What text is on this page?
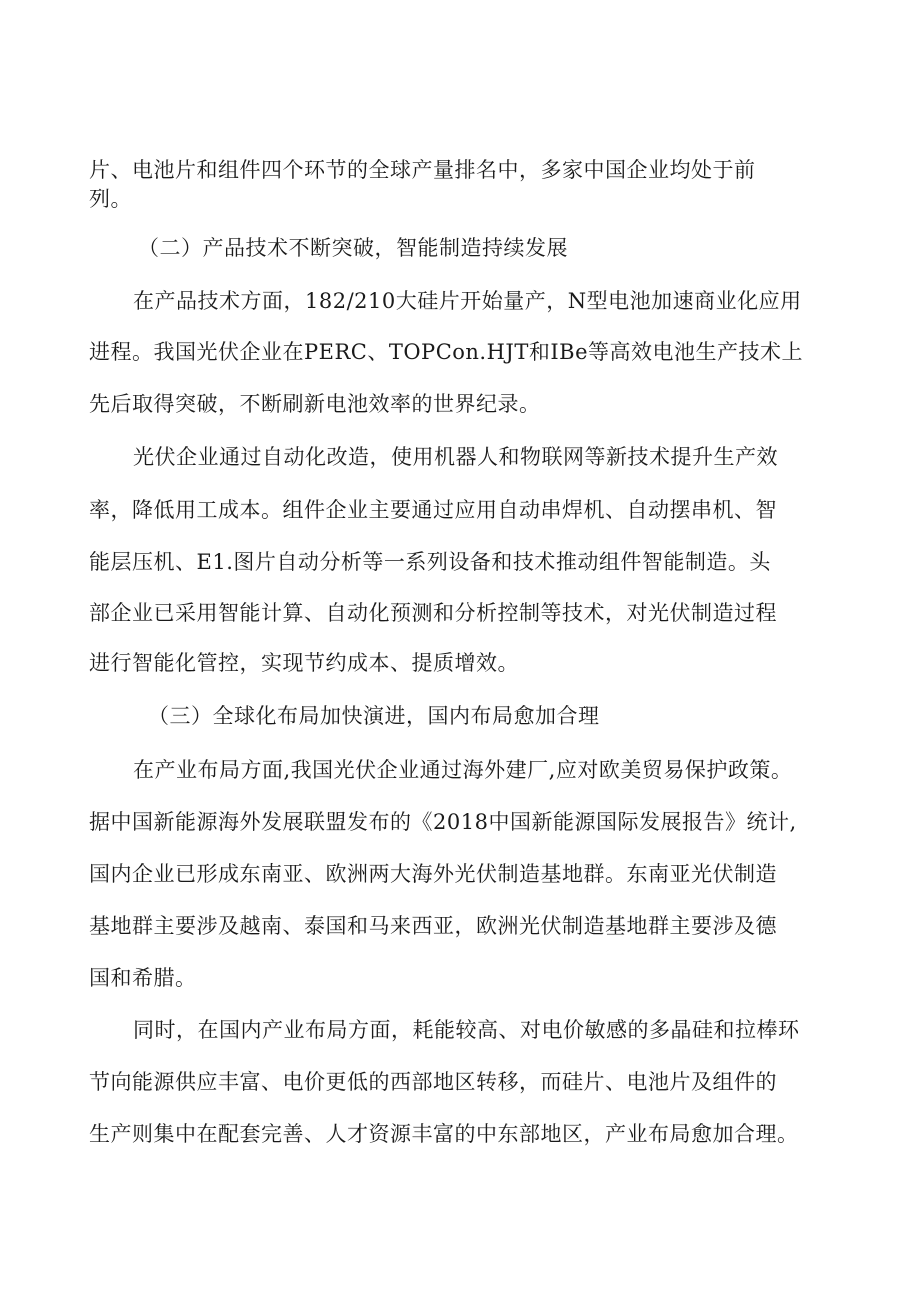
片、电池片和组件四个环节的全球产量排名中，多家中国企业均处于前
列。
（二）产品技术不断突破，智能制造持续发展
在产品技术方面，182/210大硅片开始量产，N型电池加速商业化应用
进程。我国光伏企业在PERC、TOPCon.HJT和IBe等高效电池生产技术上
先后取得突破，不断刷新电池效率的世界纪录。
光伏企业通过自动化改造，使用机器人和物联网等新技术提升生产效
率，降低用工成本。组件企业主要通过应用自动串焊机、自动摆串机、智
能层压机、E1.图片自动分析等一系列设备和技术推动组件智能制造。头
部企业已采用智能计算、自动化预测和分析控制等技术，对光伏制造过程
进行智能化管控，实现节约成本、提质增效。
（三）全球化布局加快演进，国内布局愈加合理
在产业布局方面,我国光伏企业通过海外建厂,应对欧美贸易保护政策。
据中国新能源海外发展联盟发布的《2018中国新能源国际发展报告》统计,
国内企业已形成东南亚、欧洲两大海外光伏制造基地群。东南亚光伏制造
基地群主要涉及越南、泰国和马来西亚，欧洲光伏制造基地群主要涉及德
国和希腊。
同时，在国内产业布局方面，耗能较高、对电价敏感的多晶硅和拉棒环
节向能源供应丰富、电价更低的西部地区转移，而硅片、电池片及组件的
生产则集中在配套完善、人才资源丰富的中东部地区，产业布局愈加合理。
